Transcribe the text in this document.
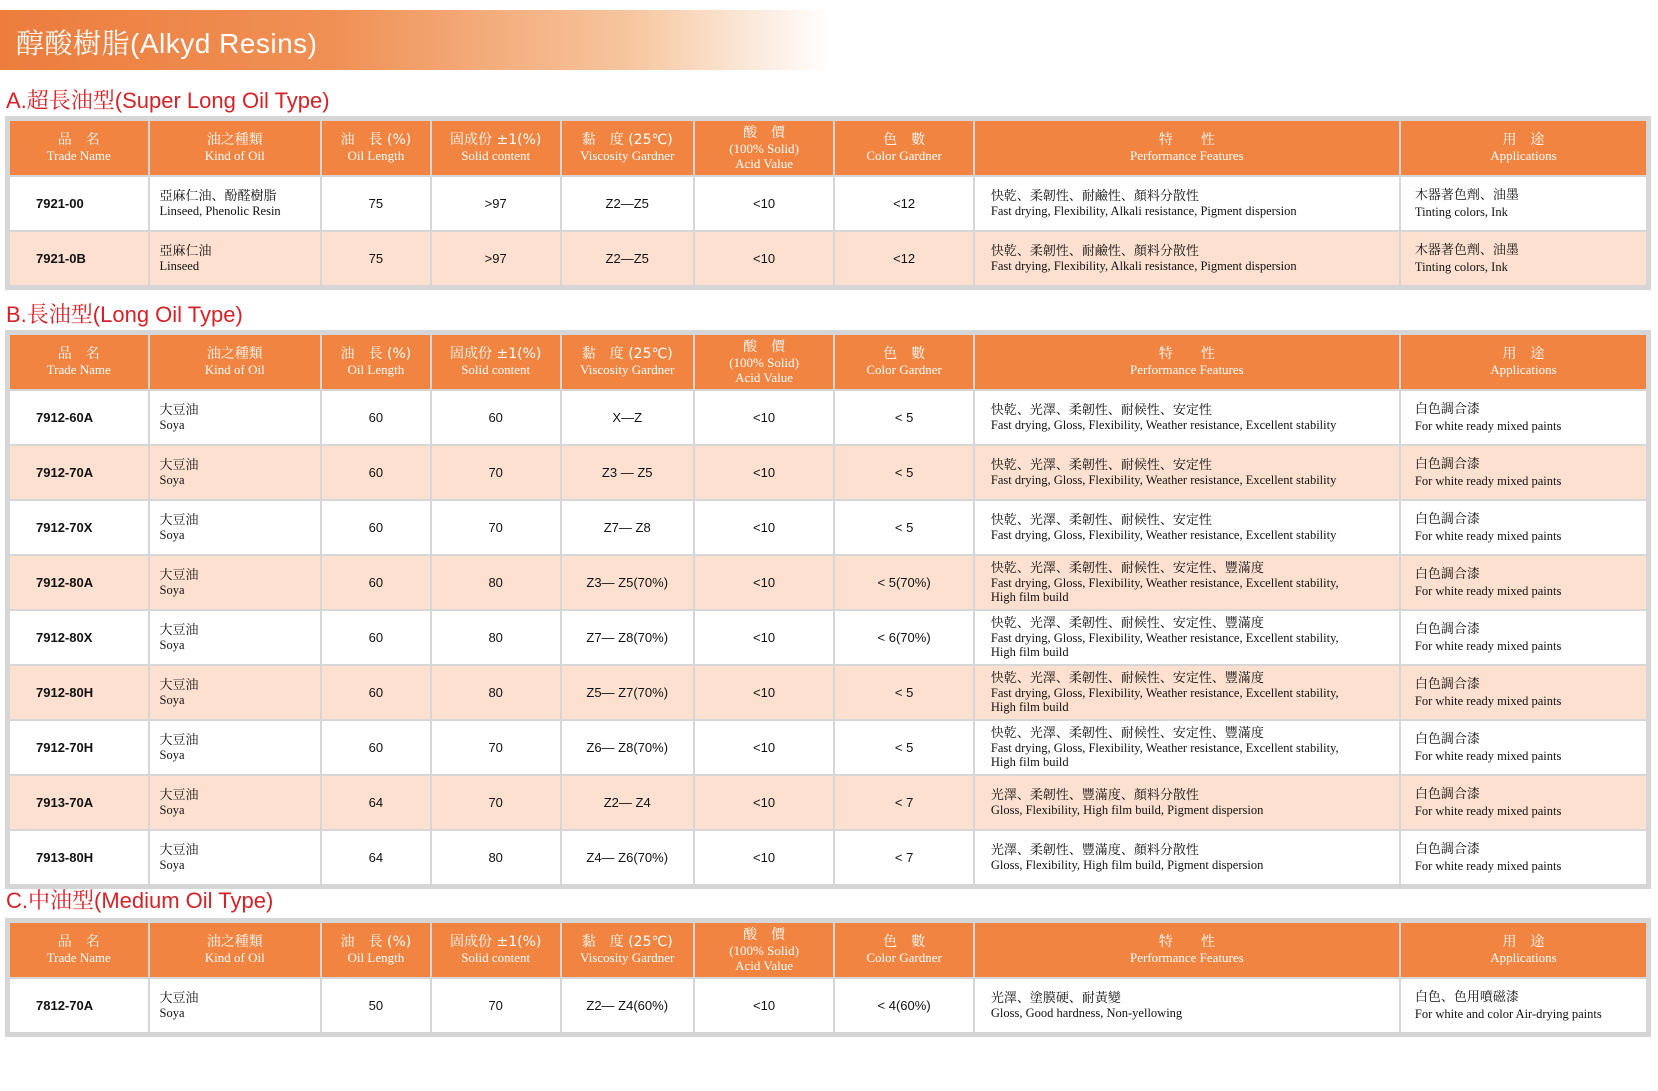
醇酸樹脂(Alkyd Resins)
A.超長油型(Super Long Oil Type)
品　名
Trade Name	油之種類
Kind of Oil	油　長 (%)
Oil Length	固成份 ±1(%)
Solid content	黏　度 (25℃)
Viscosity Gardner	酸　價
(100% Solid)
Acid Value	色　數
Color Gardner	特　　性
Performance Features	用　途
Applications

7921-00	亞麻仁油、酚醛樹脂
Linseed, Phenolic Resin	75	>97	Z2—Z5	<10	<12	快乾、柔韌性、耐鹼性、顏料分散性
Fast drying, Flexibility, Alkali resistance, Pigment dispersion	木器著色劑、油墨
Tinting colors, Ink

7921-0B	亞麻仁油
Linseed	75	>97	Z2—Z5	<10	<12	快乾、柔韌性、耐鹼性、顏料分散性
Fast drying, Flexibility, Alkali resistance, Pigment dispersion	木器著色劑、油墨
Tinting colors, Ink
B.長油型(Long Oil Type)
品　名
Trade Name	油之種類
Kind of Oil	油　長 (%)
Oil Length	固成份 ±1(%)
Solid content	黏　度 (25℃)
Viscosity Gardner	酸　價
(100% Solid)
Acid Value	色　數
Color Gardner	特　　性
Performance Features	用　途
Applications

7912-60A	大豆油
Soya	60	60	X—Z	<10	< 5	快乾、光澤、柔韌性、耐候性、安定性
Fast drying, Gloss, Flexibility, Weather resistance, Excellent stability	白色調合漆
For white ready mixed paints

7912-70A	大豆油
Soya	60	70	Z3 — Z5	<10	< 5	快乾、光澤、柔韌性、耐候性、安定性
Fast drying, Gloss, Flexibility, Weather resistance, Excellent stability	白色調合漆
For white ready mixed paints

7912-70X	大豆油
Soya	60	70	Z7— Z8	<10	< 5	快乾、光澤、柔韌性、耐候性、安定性
Fast drying, Gloss, Flexibility, Weather resistance, Excellent stability	白色調合漆
For white ready mixed paints

7912-80A	大豆油
Soya	60	80	Z3— Z5(70%)	<10	< 5(70%)	快乾、光澤、柔韌性、耐候性、安定性、豐滿度
Fast drying, Gloss, Flexibility, Weather resistance, Excellent stability,
High film build	白色調合漆
For white ready mixed paints

7912-80X	大豆油
Soya	60	80	Z7— Z8(70%)	<10	< 6(70%)	快乾、光澤、柔韌性、耐候性、安定性、豐滿度
Fast drying, Gloss, Flexibility, Weather resistance, Excellent stability,
High film build	白色調合漆
For white ready mixed paints

7912-80H	大豆油
Soya	60	80	Z5— Z7(70%)	<10	< 5	快乾、光澤、柔韌性、耐候性、安定性、豐滿度
Fast drying, Gloss, Flexibility, Weather resistance, Excellent stability,
High film build	白色調合漆
For white ready mixed paints

7912-70H	大豆油
Soya	60	70	Z6— Z8(70%)	<10	< 5	快乾、光澤、柔韌性、耐候性、安定性、豐滿度
Fast drying, Gloss, Flexibility, Weather resistance, Excellent stability,
High film build	白色調合漆
For white ready mixed paints

7913-70A	大豆油
Soya	64	70	Z2— Z4	<10	< 7	光澤、柔韌性、豐滿度、顏料分散性
Gloss, Flexibility, High film build, Pigment dispersion	白色調合漆
For white ready mixed paints

7913-80H	大豆油
Soya	64	80	Z4— Z6(70%)	<10	< 7	光澤、柔韌性、豐滿度、顏料分散性
Gloss, Flexibility, High film build, Pigment dispersion	白色調合漆
For white ready mixed paints
C.中油型(Medium Oil Type)
品　名
Trade Name	油之種類
Kind of Oil	油　長 (%)
Oil Length	固成份 ±1(%)
Solid content	黏　度 (25℃)
Viscosity Gardner	酸　價
(100% Solid)
Acid Value	色　數
Color Gardner	特　　性
Performance Features	用　途
Applications

7812-70A	大豆油
Soya	50	70	Z2— Z4(60%)	<10	< 4(60%)	光澤、塗膜硬、耐黃變
Gloss, Good hardness, Non-yellowing	白色、色用噴磁漆
For white and color Air-drying paints
